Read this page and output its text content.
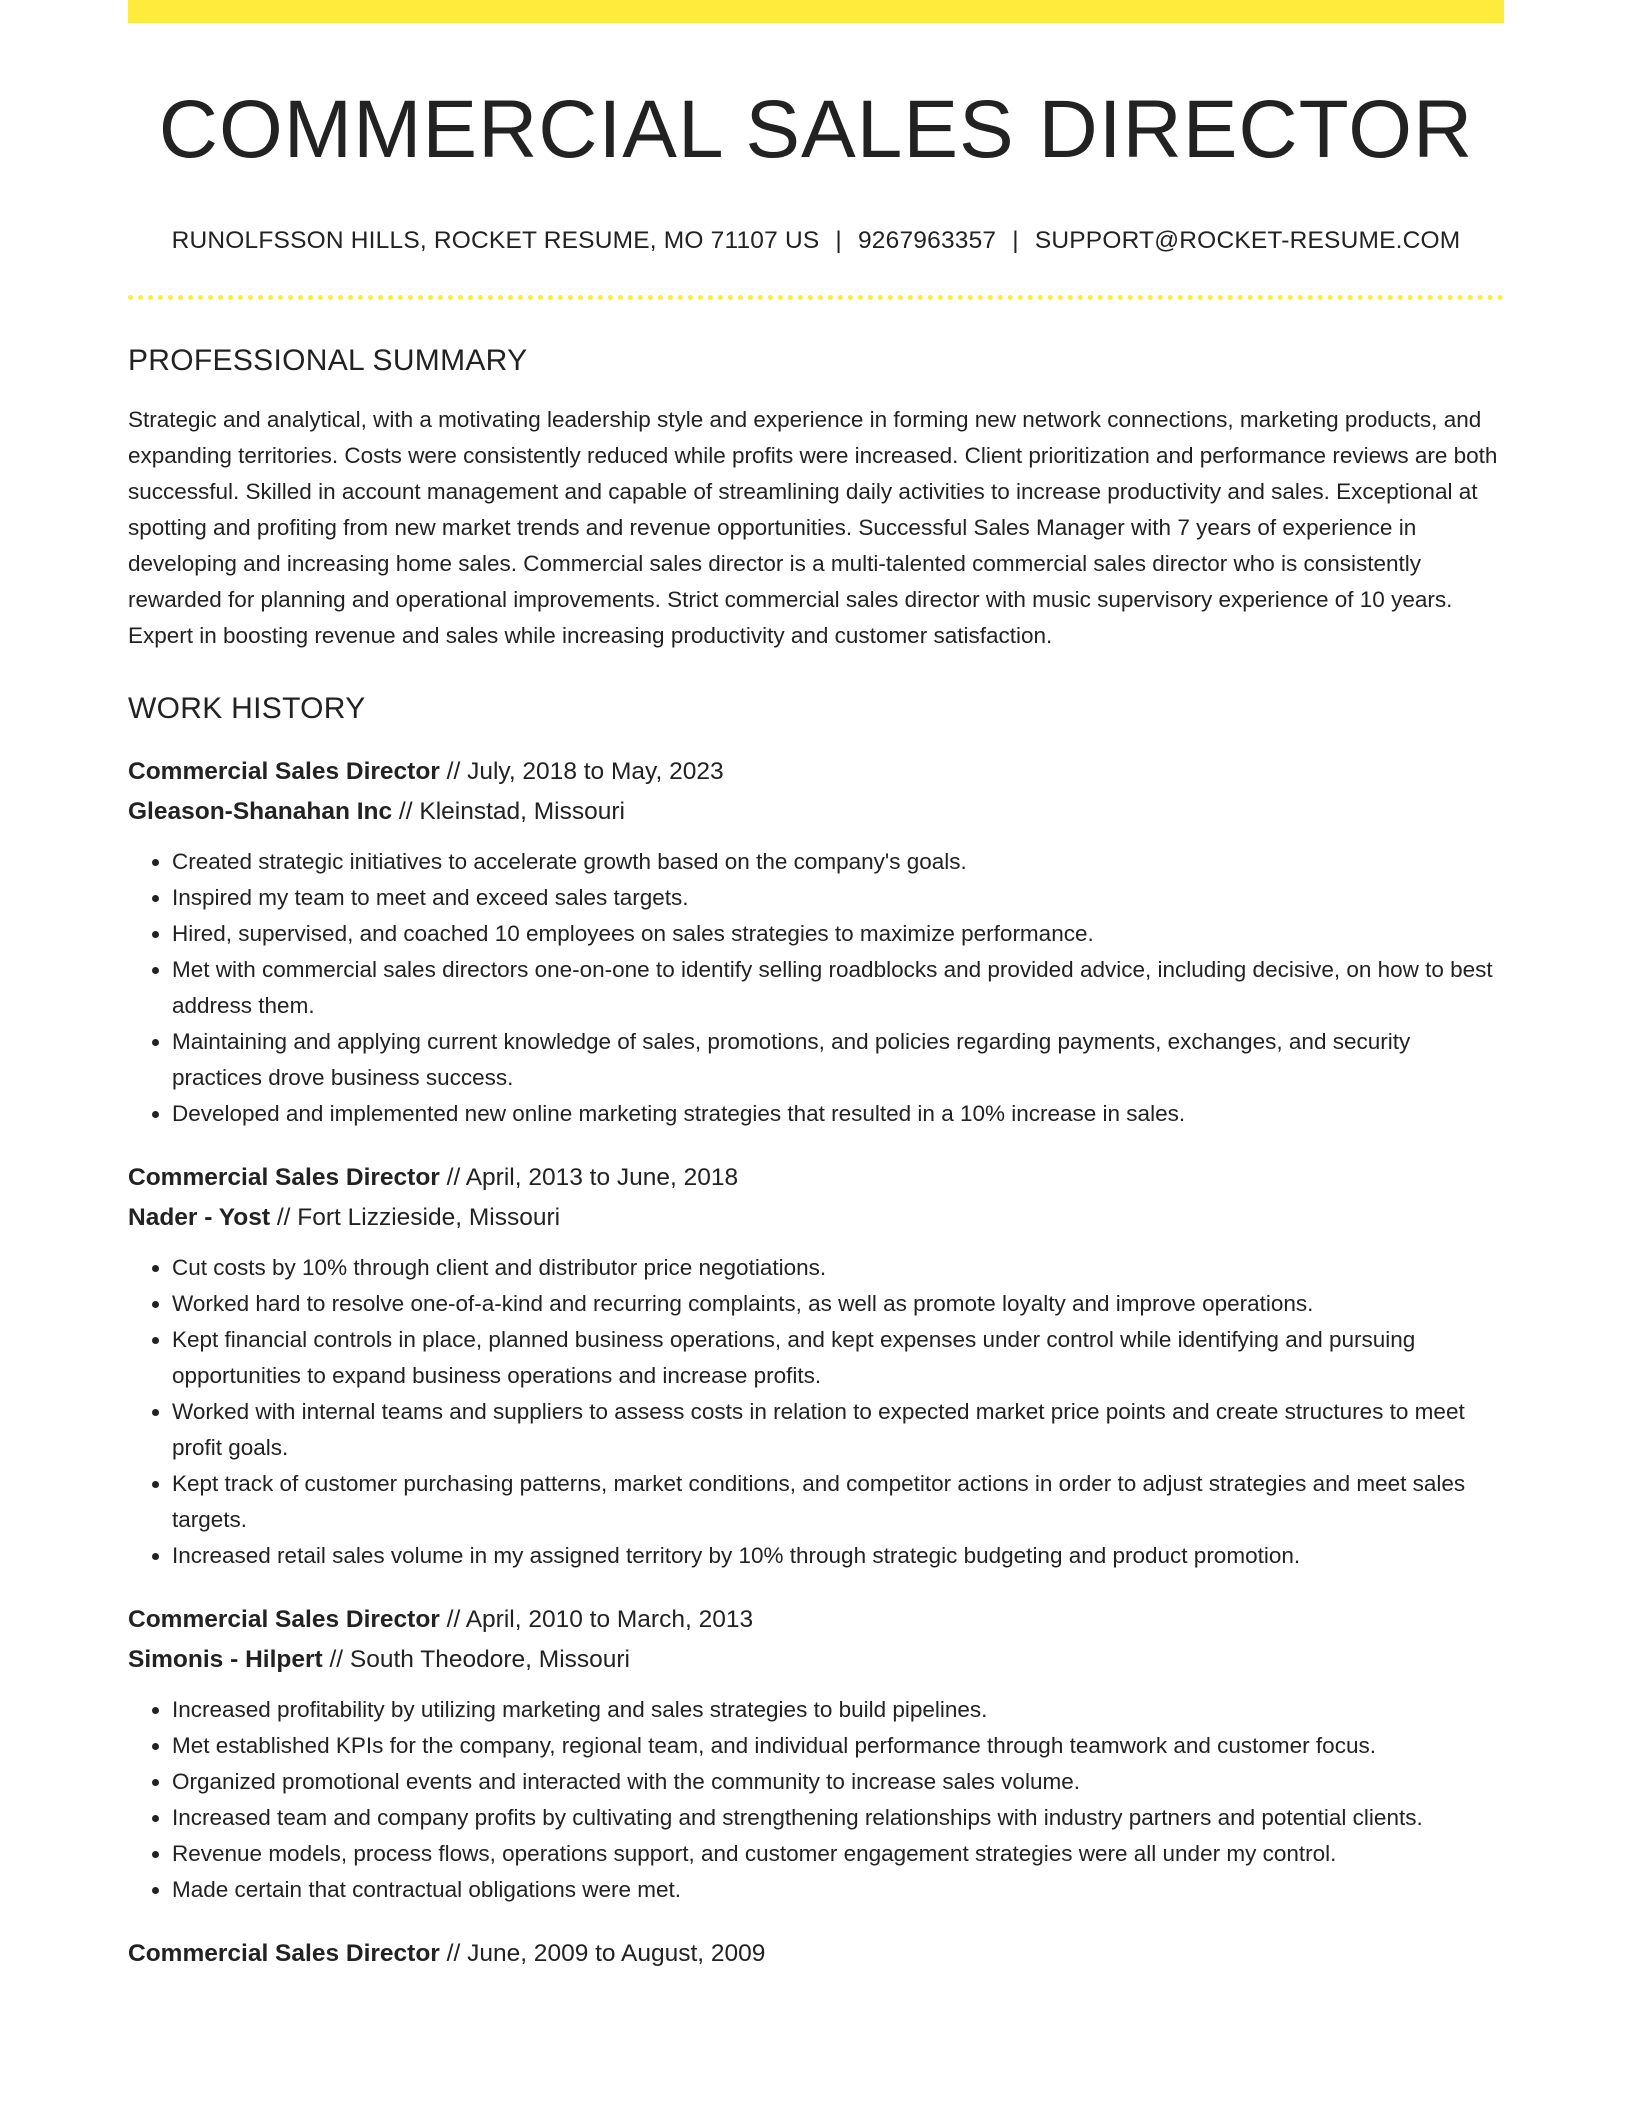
COMMERCIAL SALES DIRECTOR
RUNOLFSSON HILLS, ROCKET RESUME, MO 71107 US | 9267963357 | SUPPORT@ROCKET-RESUME.COM
PROFESSIONAL SUMMARY

Strategic and analytical, with a motivating leadership style and experience in forming new network connections, marketing products, and expanding territories. Costs were consistently reduced while profits were increased. Client prioritization and performance reviews are both successful. Skilled in account management and capable of streamlining daily activities to increase productivity and sales. Exceptional at spotting and profiting from new market trends and revenue opportunities. Successful Sales Manager with 7 years of experience in developing and increasing home sales. Commercial sales director is a multi-talented commercial sales director who is consistently rewarded for planning and operational improvements. Strict commercial sales director with music supervisory experience of 10 years. Expert in boosting revenue and sales while increasing productivity and customer satisfaction.

WORK HISTORY
Commercial Sales Director // July, 2018 to May, 2023
Gleason-Shanahan Inc // Kleinstad, Missouri
• Created strategic initiatives to accelerate growth based on the company's goals.
• Inspired my team to meet and exceed sales targets.
• Hired, supervised, and coached 10 employees on sales strategies to maximize performance.
• Met with commercial sales directors one-on-one to identify selling roadblocks and provided advice, including decisive, on how to best address them.
• Maintaining and applying current knowledge of sales, promotions, and policies regarding payments, exchanges, and security practices drove business success.
• Developed and implemented new online marketing strategies that resulted in a 10% increase in sales.
Commercial Sales Director // April, 2013 to June, 2018
Nader - Yost // Fort Lizzieside, Missouri
• Cut costs by 10% through client and distributor price negotiations.
• Worked hard to resolve one-of-a-kind and recurring complaints, as well as promote loyalty and improve operations.
• Kept financial controls in place, planned business operations, and kept expenses under control while identifying and pursuing opportunities to expand business operations and increase profits.
• Worked with internal teams and suppliers to assess costs in relation to expected market price points and create structures to meet profit goals.
• Kept track of customer purchasing patterns, market conditions, and competitor actions in order to adjust strategies and meet sales targets.
• Increased retail sales volume in my assigned territory by 10% through strategic budgeting and product promotion.
Commercial Sales Director // April, 2010 to March, 2013
Simonis - Hilpert // South Theodore, Missouri
• Increased profitability by utilizing marketing and sales strategies to build pipelines.
• Met established KPIs for the company, regional team, and individual performance through teamwork and customer focus.
• Organized promotional events and interacted with the community to increase sales volume.
• Increased team and company profits by cultivating and strengthening relationships with industry partners and potential clients.
• Revenue models, process flows, operations support, and customer engagement strategies were all under my control.
• Made certain that contractual obligations were met.
Commercial Sales Director // June, 2009 to August, 2009
